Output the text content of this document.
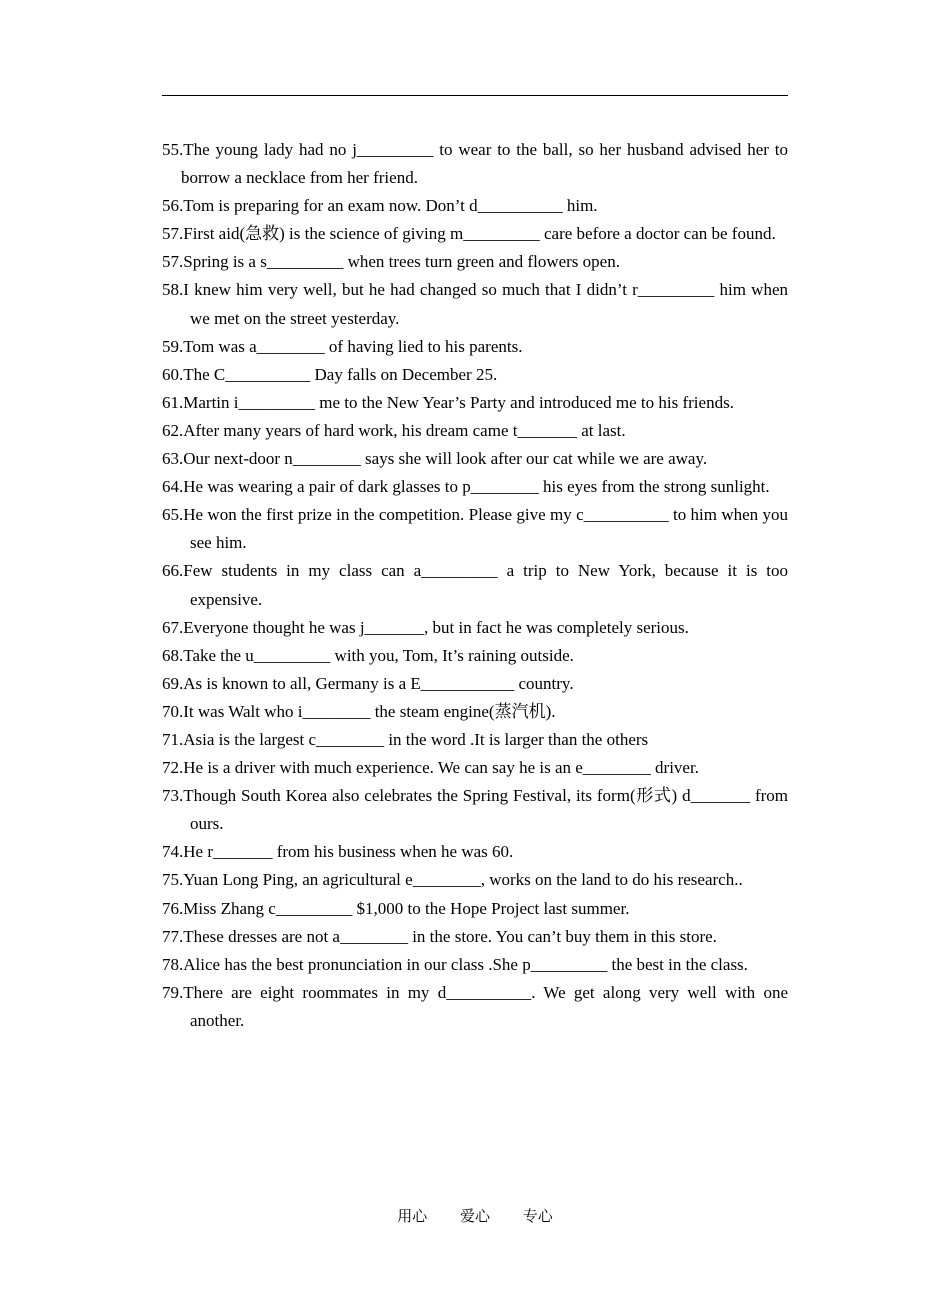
55.The young lady had no j_________ to wear to the ball, so her husband advised her to borrow a necklace from her friend.
56.Tom is preparing for an exam now. Don’t d__________ him.
57.First aid(急救) is the science of giving m_________ care before a doctor can be found.
57.Spring is a s_________ when trees turn green and flowers open.
58.I knew him very well, but he had changed so much that I didn’t r_________ him when we met on the street yesterday.
59.Tom was a________ of having lied to his parents.
60.The C__________ Day falls on December 25.
61.Martin i_________ me to the New Year’s Party and introduced me to his friends.
62.After many years of hard work, his dream came t_______ at last.
63.Our next-door n________ says she will look after our cat while we are away.
64.He was wearing a pair of dark glasses to p________ his eyes from the strong sunlight.
65.He won the first prize in the competition. Please give my c__________ to him when you see him.
66.Few students in my class can a_________ a trip to New York, because it is too expensive.
67.Everyone thought he was j_______, but in fact he was completely serious.
68.Take the u_________ with you, Tom, It’s raining outside.
69.As is known to all, Germany is a E___________ country.
70.It was Walt who i________ the steam engine(蒸汽机).
71.Asia is the largest c________ in the word .It is larger than the others
72.He is a driver with much experience. We can say he is an e________ driver.
73.Though South Korea also celebrates the Spring Festival, its form(形式) d_______ from ours.
74.He r_______ from his business when he was 60.
75.Yuan Long Ping, an agricultural e________, works on the land to do his research..
76.Miss Zhang c_________ $1,000 to the Hope Project last summer.
77.These dresses are not a________ in the store. You can’t buy them in this store.
78.Alice has the best pronunciation in our class .She p_________ the best in the class.
79.There are eight roommates in my d__________. We get along very well with one another.
用心 爱心 专心
